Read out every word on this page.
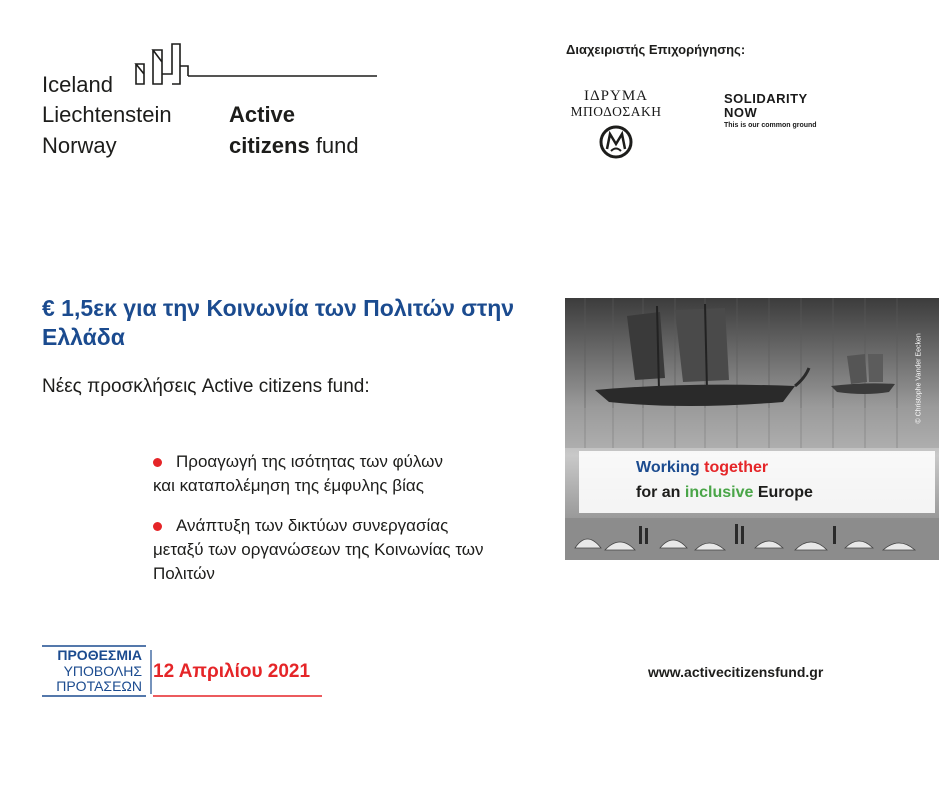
Iceland
Liechtenstein
Norway
Active
citizens fund
Διαχειριστής Επιχορήγησης:
ΙΔΡΥΜΑ
ΜΠΟΔΟΣΑΚΗ
SOLIDARITY
NOW
This is our common ground
€ 1,5εκ για την Κοινωνία των Πολιτών στην Ελλάδα
Νέες προσκλήσεις Active citizens fund:
Προαγωγή της ισότητας των φύλων
και καταπολέμηση της έμφυλης βίας
Ανάπτυξη των δικτύων συνεργασίας
μεταξύ των οργανώσεων της Κοινωνίας των Πολιτών
© Christophe Vander Eecken
Working together
for an inclusive Europe
ΠΡΟΘΕΣΜΙΑ
ΥΠΟΒΟΛΗΣ
ΠΡΟΤΑΣΕΩΝ
12 Απριλίου 2021	www.activecitizensfund.gr
